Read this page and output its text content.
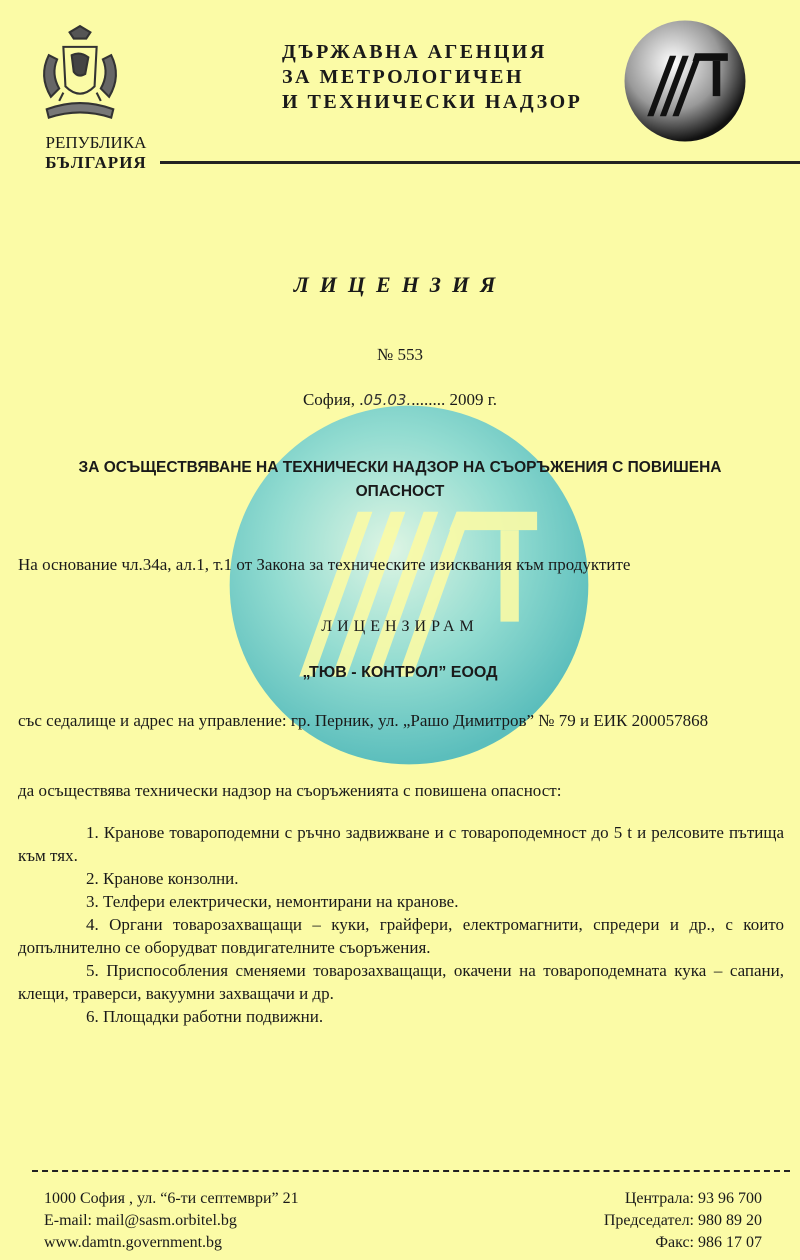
РЕПУБЛИКА
БЪЛГАРИЯ
ДЪРЖАВНА АГЕНЦИЯ
ЗА МЕТРОЛОГИЧЕН
И ТЕХНИЧЕСКИ НАДЗОР
ЛИЦЕНЗИЯ
№ 553
София, .05.03......... 2009 г.
ЗА ОСЪЩЕСТВЯВАНЕ НА ТЕХНИЧЕСКИ НАДЗОР НА СЪОРЪЖЕНИЯ С ПОВИШЕНА ОПАСНОСТ
На основание чл.34а, ал.1, т.1 от Закона за техническите изисквания към продуктите
ЛИЦЕНЗИРАМ
„ТЮВ - КОНТРОЛ” ЕООД
със седалище и адрес на управление: гр. Перник, ул. „Рашо Димитров” № 79 и ЕИК 200057868
да осъществява технически надзор на съоръженията с повишена опасност:
1. Кранове товароподемни с ръчно задвижване и с товароподемност до 5 t и релсовите пътища към тях.
2. Кранове конзолни.
3. Телфери електрически, немонтирани на кранове.
4. Органи товарозахващащи – куки, грайфери, електромагнити, спредери и др., с които допълнително се оборудват повдигателните съоръжения.
5. Приспособления сменяеми товарозахващащи, окачени на товароподемната кука – сапани, клещи, траверси, вакуумни захващачи и др.
6. Площадки работни подвижни.
1000 София , ул. “6-ти септември” 21
E-mail: mail@sasm.orbitel.bg
www.damtn.government.bg
Централа: 93 96 700
Председател: 980 89 20
Факс: 986 17 07
